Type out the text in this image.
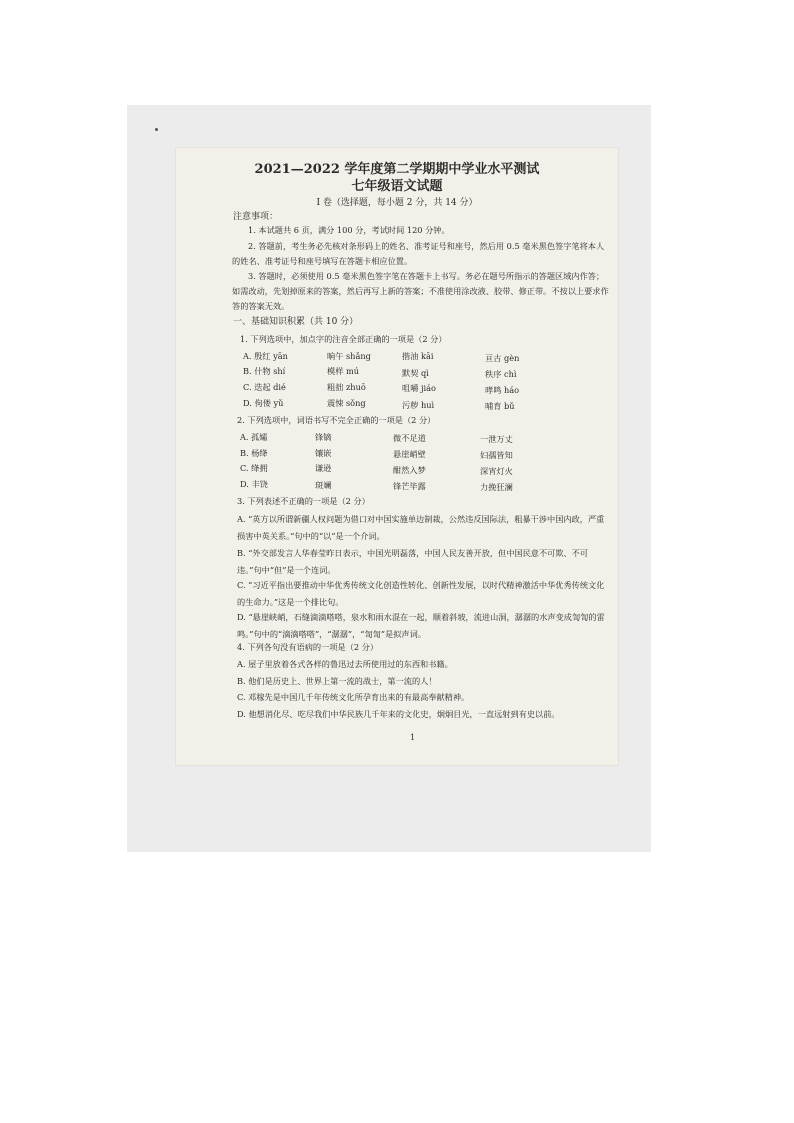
2021—2022 学年度第二学期期中学业水平测试
七年级语文试题
I 卷（选择题，每小题 2 分，共 14 分）
注意事项：
1. 本试题共 6 页，满分 100 分，考试时间 120 分钟。
2. 答题前，考生务必先核对条形码上的姓名、准考证号和座号，然后用 0.5 毫米黑色签字笔将本人的姓名、准考证号和座号填写在答题卡相应位置。
3. 答题时，必须使用 0.5 毫米黑色签字笔在答题卡上书写。务必在题号所指示的答题区域内作答；如需改动，先划掉原来的答案，然后再写上新的答案；不准使用涂改液、胶带、修正带。不按以上要求作答的答案无效。
一、基础知识积累（共 10 分）
1. 下列选项中，加点字的注音全部正确的一项是（2 分）
A. 殷红 yān	晌午 shǎng	揩油 kāi	亘古 gèn
B. 什物 shí	模样 mú	默契 qì	秩序 chì
C. 迭起 dié	粗拙 zhuō	咀嚼 jiáo	哮鸣 háo
D. 佝偻 yǔ	震悚 sǒng	污秽 huì	哺育 bǔ
2. 下列选项中，词语书写不完全正确的一项是（2 分）
A. 孤孀	锋镝	微不足道	一泄万丈
B. 杨绛	镶嵌	悬崖峭壁	妇孺皆知
C. 绛拥	谦逊	酣然入梦	深宵灯火
D. 丰饶	斑斓	锋芒毕露	力挽狂澜
3. 下列表述不正确的一项是（2 分）
A. “英方以所谓新疆人权问题为借口对中国实施单边制裁，公然违反国际法，粗暴干涉中国内政，严重损害中英关系。”句中的“以”是一个介词。
B. “外交部发言人华春莹昨日表示，中国光明磊落，中国人民友善开放，但中国民意不可欺、不可违。”句中“但”是一个连词。
C. “习近平指出要推动中华优秀传统文化创造性转化、创新性发展，以时代精神激活中华优秀传统文化的生命力。”这是一个排比句。
D. “悬崖峡峭，石缝滴滴嗒嗒，泉水和雨水混在一起，顺着斜坡，流进山洞，潺潺的水声变成訇訇的雷鸣。”句中的“滴滴嗒嗒”，“潺潺”，“訇訇”是拟声词。
4. 下列各句没有语病的一项是（2 分）
A. 屋子里放着各式各样的鲁迅过去所使用过的东西和书籍。
B. 他们是历史上、世界上第一流的战士，第一流的人！
C. 邓稼先是中国几千年传统文化所孕育出来的有最高奉献精神。
D. 他想消化尽、吃尽我们中华民族几千年来的文化史，炯炯目光，一直远射到有史以前。
1
